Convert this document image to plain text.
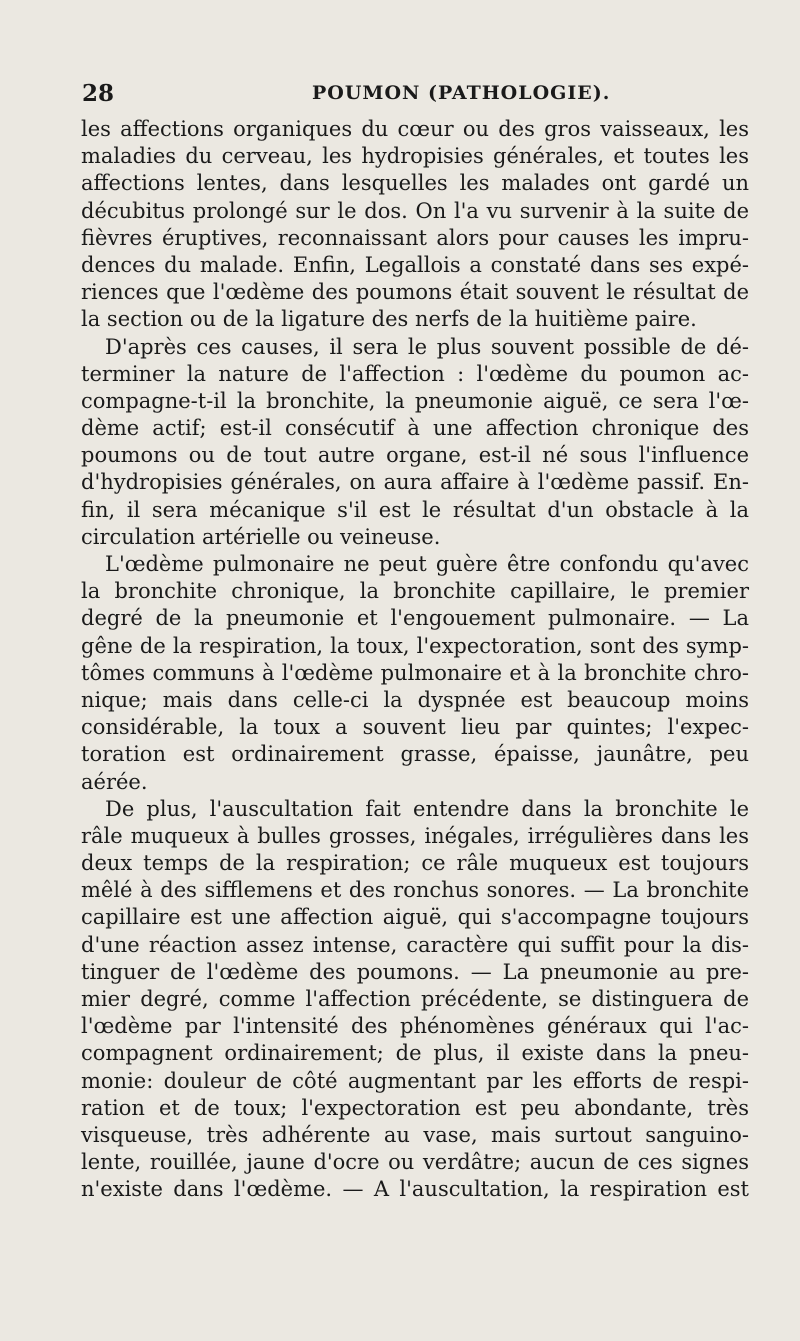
28	POUMON (PATHOLOGIE).
les affections organiques du cœur ou des gros vaisseaux, les
maladies du cerveau, les hydropisies générales, et toutes les
affections lentes, dans lesquelles les malades ont gardé un
décubitus prolongé sur le dos. On l'a vu survenir à la suite de
fièvres éruptives, reconnaissant alors pour causes les impru-
dences du malade. Enfin, Legallois a constaté dans ses expé-
riences que l'œdème des poumons était souvent le résultat de
la section ou de la ligature des nerfs de la huitième paire.
D'après ces causes, il sera le plus souvent possible de dé-
terminer la nature de l'affection : l'œdème du poumon ac-
compagne-t-il la bronchite, la pneumonie aiguë, ce sera l'œ-
dème actif; est-il consécutif à une affection chronique des
poumons ou de tout autre organe, est-il né sous l'influence
d'hydropisies générales, on aura affaire à l'œdème passif. En-
fin, il sera mécanique s'il est le résultat d'un obstacle à la
circulation artérielle ou veineuse.
L'œdème pulmonaire ne peut guère être confondu qu'avec
la bronchite chronique, la bronchite capillaire, le premier
degré de la pneumonie et l'engouement pulmonaire. — La
gêne de la respiration, la toux, l'expectoration, sont des symp-
tômes communs à l'œdème pulmonaire et à la bronchite chro-
nique; mais dans celle-ci la dyspnée est beaucoup moins
considérable, la toux a souvent lieu par quintes; l'expec-
toration est ordinairement grasse, épaisse, jaunâtre, peu
aérée.
De plus, l'auscultation fait entendre dans la bronchite le
râle muqueux à bulles grosses, inégales, irrégulières dans les
deux temps de la respiration; ce râle muqueux est toujours
mêlé à des sifflemens et des ronchus sonores. — La bronchite
capillaire est une affection aiguë, qui s'accompagne toujours
d'une réaction assez intense, caractère qui suffit pour la dis-
tinguer de l'œdème des poumons. — La pneumonie au pre-
mier degré, comme l'affection précédente, se distinguera de
l'œdème par l'intensité des phénomènes généraux qui l'ac-
compagnent ordinairement; de plus, il existe dans la pneu-
monie: douleur de côté augmentant par les efforts de respi-
ration et de toux; l'expectoration est peu abondante, très
visqueuse, très adhérente au vase, mais surtout sanguino-
lente, rouillée, jaune d'ocre ou verdâtre; aucun de ces signes
n'existe dans l'œdème. — A l'auscultation, la respiration est
